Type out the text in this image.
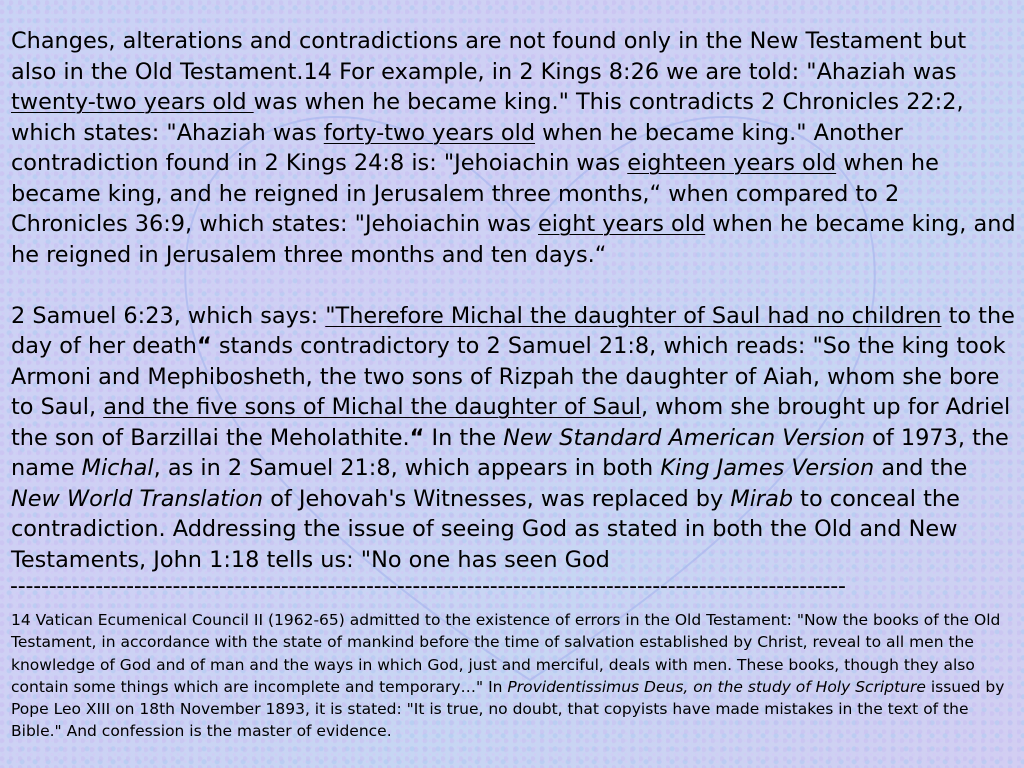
Changes, alterations and contradictions are not found only in the New Testament but also in the Old Testament.14 For example, in 2 Kings 8:26 we are told: "Ahaziah was twenty-two years old was when he became king." This contradicts 2 Chronicles 22:2, which states: "Ahaziah was forty-two years old when he became king." Another contradiction found in 2 Kings 24:8 is: "Jehoiachin was eighteen years old when he became king, and he reigned in Jerusalem three months,“ when compared to 2 Chronicles 36:9, which states: "Jehoiachin was eight years old when he became king, and he reigned in Jerusalem three months and ten days.“

2 Samuel 6:23, which says: "Therefore Michal the daughter of Saul had no children to the day of her death“ stands contradictory to 2 Samuel 21:8, which reads: "So the king took Armoni and Mephibosheth, the two sons of Rizpah the daughter of Aiah, whom she bore to Saul, and the five sons of Michal the daughter of Saul, whom she brought up for Adriel the son of Barzillai the Meholathite.“ In the New Standard American Version of 1973, the name Michal, as in 2 Samuel 21:8, which appears in both King James Version and the New World Translation of Jehovah's Witnesses, was replaced by Mirab to conceal the contradiction. Addressing the issue of seeing God as stated in both the Old and New Testaments, John 1:18 tells us: "No one has seen God

------------------------------------------------------------------------------------------------------------

14 Vatican Ecumenical Council II (1962-65) admitted to the existence of errors in the Old Testament: "Now the books of the Old Testament, in accordance with the state of mankind before the time of salvation established by Christ, reveal to all men the knowledge of God and of man and the ways in which God, just and merciful, deals with men. These books, though they also contain some things which are incomplete and temporary…" In Providentissimus Deus, on the study of Holy Scripture issued by Pope Leo XIII on 18th November 1893, it is stated: "It is true, no doubt, that copyists have made mistakes in the text of the Bible." And confession is the master of evidence.
